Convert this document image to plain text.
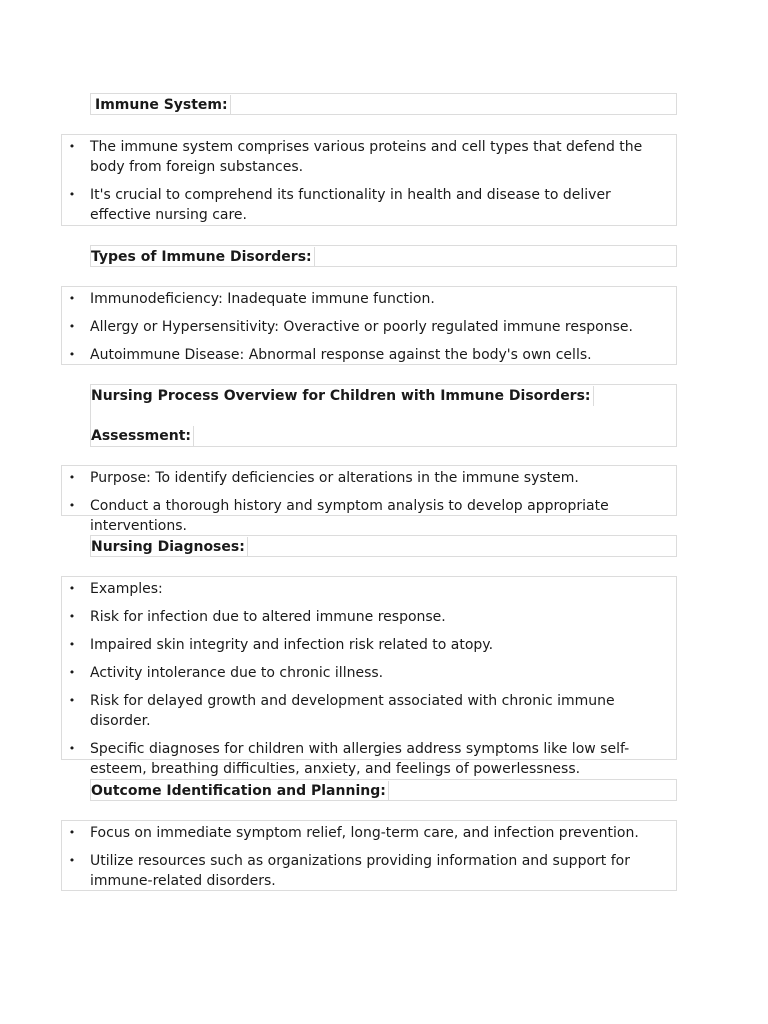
Immune System:
• The immune system comprises various proteins and cell types that defend the body from foreign substances.
• It's crucial to comprehend its functionality in health and disease to deliver effective nursing care.
Types of Immune Disorders:
• Immunodeficiency: Inadequate immune function.
• Allergy or Hypersensitivity: Overactive or poorly regulated immune response.
• Autoimmune Disease: Abnormal response against the body's own cells.
Nursing Process Overview for Children with Immune Disorders:
Assessment:
• Purpose: To identify deficiencies or alterations in the immune system.
• Conduct a thorough history and symptom analysis to develop appropriate interventions.
Nursing Diagnoses:
• Examples:
• Risk for infection due to altered immune response.
• Impaired skin integrity and infection risk related to atopy.
• Activity intolerance due to chronic illness.
• Risk for delayed growth and development associated with chronic immune disorder.
• Specific diagnoses for children with allergies address symptoms like low self-esteem, breathing difficulties, anxiety, and feelings of powerlessness.
Outcome Identification and Planning:
• Focus on immediate symptom relief, long-term care, and infection prevention.
• Utilize resources such as organizations providing information and support for immune-related disorders.
